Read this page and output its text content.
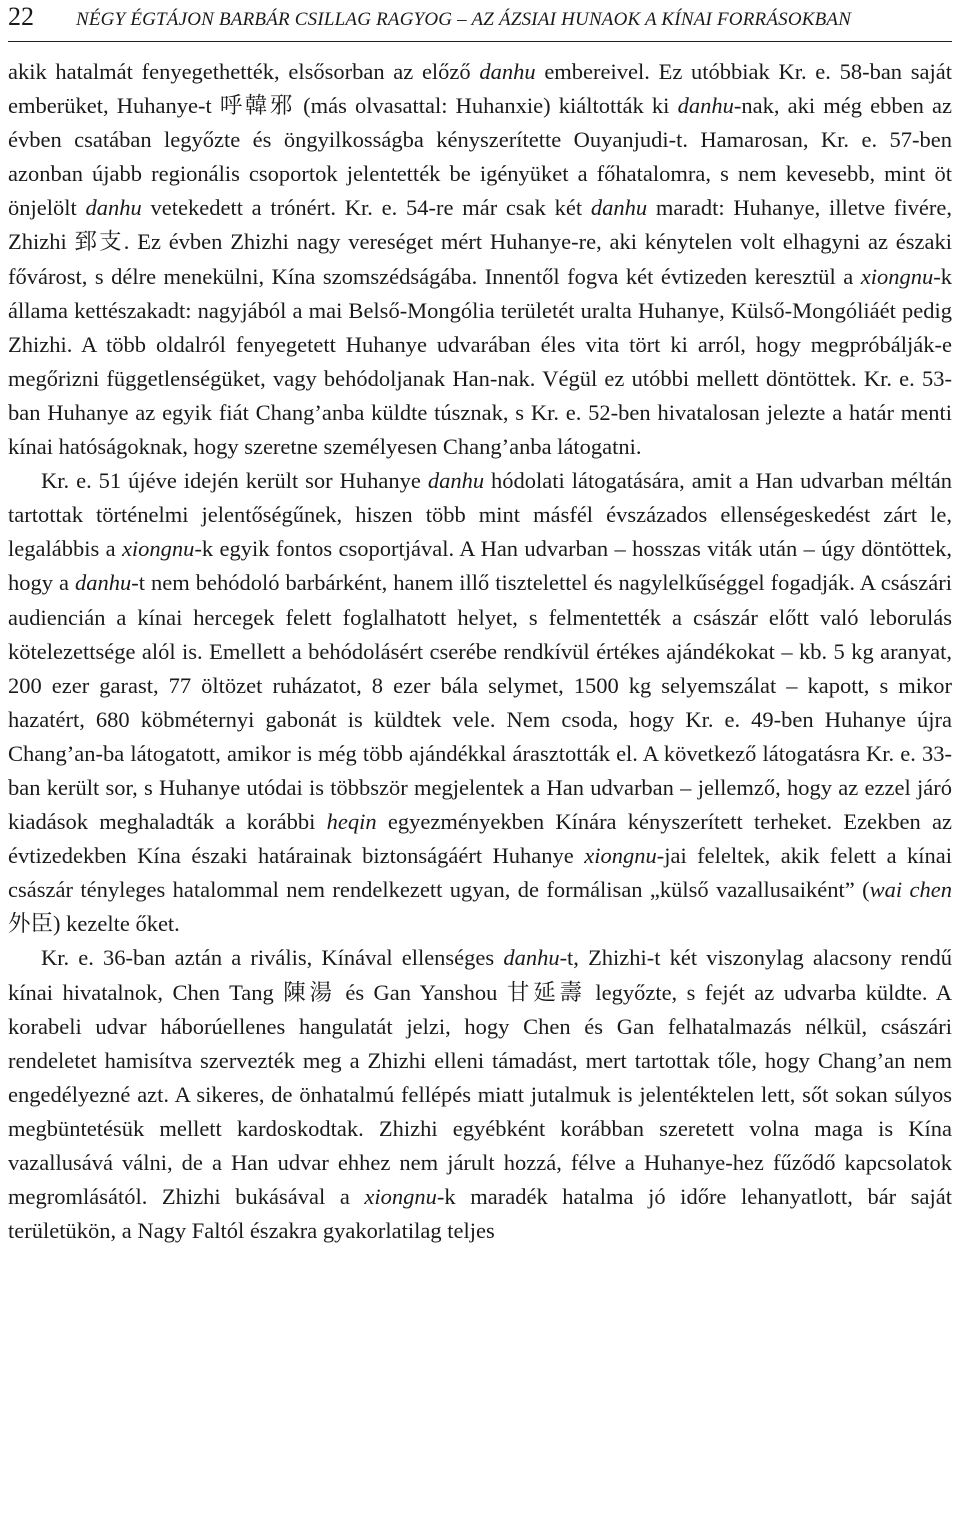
22 NÉGY ÉGTÁJON BARBÁR CSILLAG RAGYOG – AZ ÁZSIAI HUNAOK A KÍNAI FORRÁSOKBAN

akik hatalmát fenyegethették, elsősorban az előző danhu embereivel. Ez utóbbiak Kr. e. 58-ban saját emberüket, Huhanye-t 呼韓邪 (más olvasattal: Huhanxie) kiáltották ki danhu-nak, aki még ebben az évben csatában legyőzte és öngyilkosságba kényszerítette Ouyanjudi-t. Hamarosan, Kr. e. 57-ben azonban újabb regionális csoportok jelentették be igényüket a főhatalomra, s nem kevesebb, mint öt önjelölt danhu vetekedett a trónért. Kr. e. 54-re már csak két danhu maradt: Huhanye, illetve fivére, Zhizhi 郅支. Ez évben Zhizhi nagy vereséget mért Huhanye-re, aki kénytelen volt elhagyni az északi fővárost, s délre menekülni, Kína szomszédságába. Innentől fogva két évtizeden keresztül a xiongnu-k állama kettészakadt: nagyjából a mai Belső-Mongólia területét uralta Huhanye, Külső-Mongóliáét pedig Zhizhi. A több oldalról fenyegetett Huhanye udvarában éles vita tört ki arról, hogy megpróbálják-e megőrizni függetlenségüket, vagy behódoljanak Han-nak. Végül ez utóbbi mellett döntöttek. Kr. e. 53-ban Huhanye az egyik fiát Chang’anba küldte túsznak, s Kr. e. 52-ben hivatalosan jelezte a határ menti kínai hatóságoknak, hogy szeretne személyesen Chang’anba látogatni.

Kr. e. 51 újéve idején került sor Huhanye danhu hódolati látogatására, amit a Han udvarban méltán tartottak történelmi jelentőségűnek, hiszen több mint másfél évszázados ellenségeskedést zárt le, legalábbis a xiongnu-k egyik fontos csoportjával. A Han udvarban – hosszas viták után – úgy döntöttek, hogy a danhu-t nem behódoló barbárként, hanem illő tisztelettel és nagylelkűséggel fogadják. A császári audiencián a kínai hercegek felett foglalhatott helyet, s felmentették a császár előtt való leborulás kötelezettsége alól is. Emellett a behódolásért cserébe rendkívül értékes ajándékokat – kb. 5 kg aranyat, 200 ezer garast, 77 öltözet ruházatot, 8 ezer bála selymet, 1500 kg selyemszálat – kapott, s mikor hazatért, 680 köbméternyi gabonát is küldtek vele. Nem csoda, hogy Kr. e. 49-ben Huhanye újra Chang’an-ba látogatott, amikor is még több ajándékkal árasztották el. A következő látogatásra Kr. e. 33-ban került sor, s Huhanye utódai is többször megjelentek a Han udvarban – jellemző, hogy az ezzel járó kiadások meghaladták a korábbi heqin egyezményekben Kínára kényszerített terheket. Ezekben az évtizedekben Kína északi határainak biztonságáért Huhanye xiongnu-jai feleltek, akik felett a kínai császár tényleges hatalommal nem rendelkezett ugyan, de formálisan „külső vazallusaiként” (wai chen 外臣) kezelte őket.

Kr. e. 36-ban aztán a rivális, Kínával ellenséges danhu-t, Zhizhi-t két viszonylag alacsony rendű kínai hivatalnok, Chen Tang 陳湯 és Gan Yanshou 甘延壽 legyőzte, s fejét az udvarba küldte. A korabeli udvar háborúellenes hangulatát jelzi, hogy Chen és Gan felhatalmazás nélkül, császári rendeletet hamisítva szervezték meg a Zhizhi elleni támadást, mert tartottak tőle, hogy Chang’an nem engedélyezné azt. A sikeres, de önhatalmú fellépés miatt jutalmuk is jelentéktelen lett, sőt sokan súlyos megbüntetésük mellett kardoskodtak. Zhizhi egyébként korábban szeretett volna maga is Kína vazallusává válni, de a Han udvar ehhez nem járult hozzá, félve a Huhanye-hez fűződő kapcsolatok megromlásától. Zhizhi bukásával a xiongnu-k maradék hatalma jó időre lehanyatlott, bár saját területükön, a Nagy Faltól északra gyakorlatilag teljes
